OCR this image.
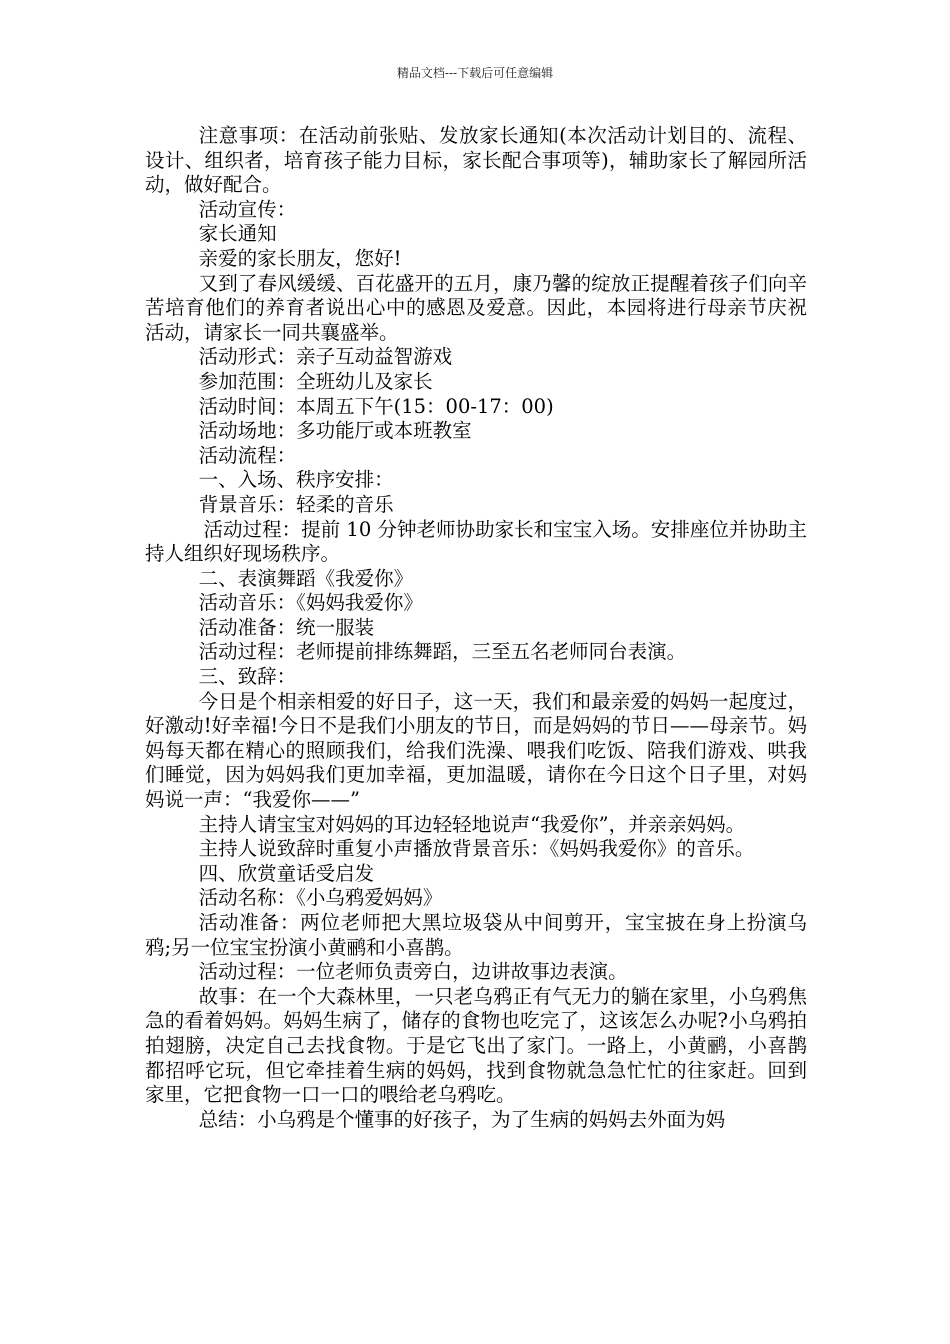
精品文档---下载后可任意编辑

注意事项：在活动前张贴、发放家长通知(本次活动计划目的、流程、设计、组织者，培育孩子能力目标，家长配合事项等)，辅助家长了解园所活动，做好配合。

活动宣传：

家长通知

亲爱的家长朋友，您好!

又到了春风缓缓、百花盛开的五月，康乃馨的绽放正提醒着孩子们向辛苦培育他们的养育者说出心中的感恩及爱意。因此，本园将进行母亲节庆祝活动，请家长一同共襄盛举。

活动形式：亲子互动益智游戏

参加范围：全班幼儿及家长

活动时间：本周五下午(15：00-17：00)

活动场地：多功能厅或本班教室

活动流程：

一、入场、秩序安排：

背景音乐：轻柔的音乐

活动过程：提前 10 分钟老师协助家长和宝宝入场。安排座位并协助主持人组织好现场秩序。

二、表演舞蹈《我爱你》

活动音乐：《妈妈我爱你》

活动准备：统一服装

活动过程：老师提前排练舞蹈，三至五名老师同台表演。

三、致辞：

今日是个相亲相爱的好日子，这一天，我们和最亲爱的妈妈一起度过，好激动!好幸福!今日不是我们小朋友的节日，而是妈妈的节日——母亲节。妈妈每天都在精心的照顾我们，给我们洗澡、喂我们吃饭、陪我们游戏、哄我们睡觉，因为妈妈我们更加幸福，更加温暖，请你在今日这个日子里，对妈妈说一声：“我爱你——”

主持人请宝宝对妈妈的耳边轻轻地说声“我爱你”，并亲亲妈妈。

主持人说致辞时重复小声播放背景音乐：《妈妈我爱你》的音乐。

四、欣赏童话受启发

活动名称：《小乌鸦爱妈妈》

活动准备：两位老师把大黑垃圾袋从中间剪开，宝宝披在身上扮演乌鸦;另一位宝宝扮演小黄鹂和小喜鹊。

活动过程：一位老师负责旁白，边讲故事边表演。

故事：在一个大森林里，一只老乌鸦正有气无力的躺在家里，小乌鸦焦急的看着妈妈。妈妈生病了，储存的食物也吃完了，这该怎么办呢?小乌鸦拍拍翅膀，决定自己去找食物。于是它飞出了家门。一路上，小黄鹂，小喜鹊都招呼它玩，但它牵挂着生病的妈妈，找到食物就急急忙忙的往家赶。回到家里，它把食物一口一口的喂给老乌鸦吃。

总结：小乌鸦是个懂事的好孩子，为了生病的妈妈去外面为妈
